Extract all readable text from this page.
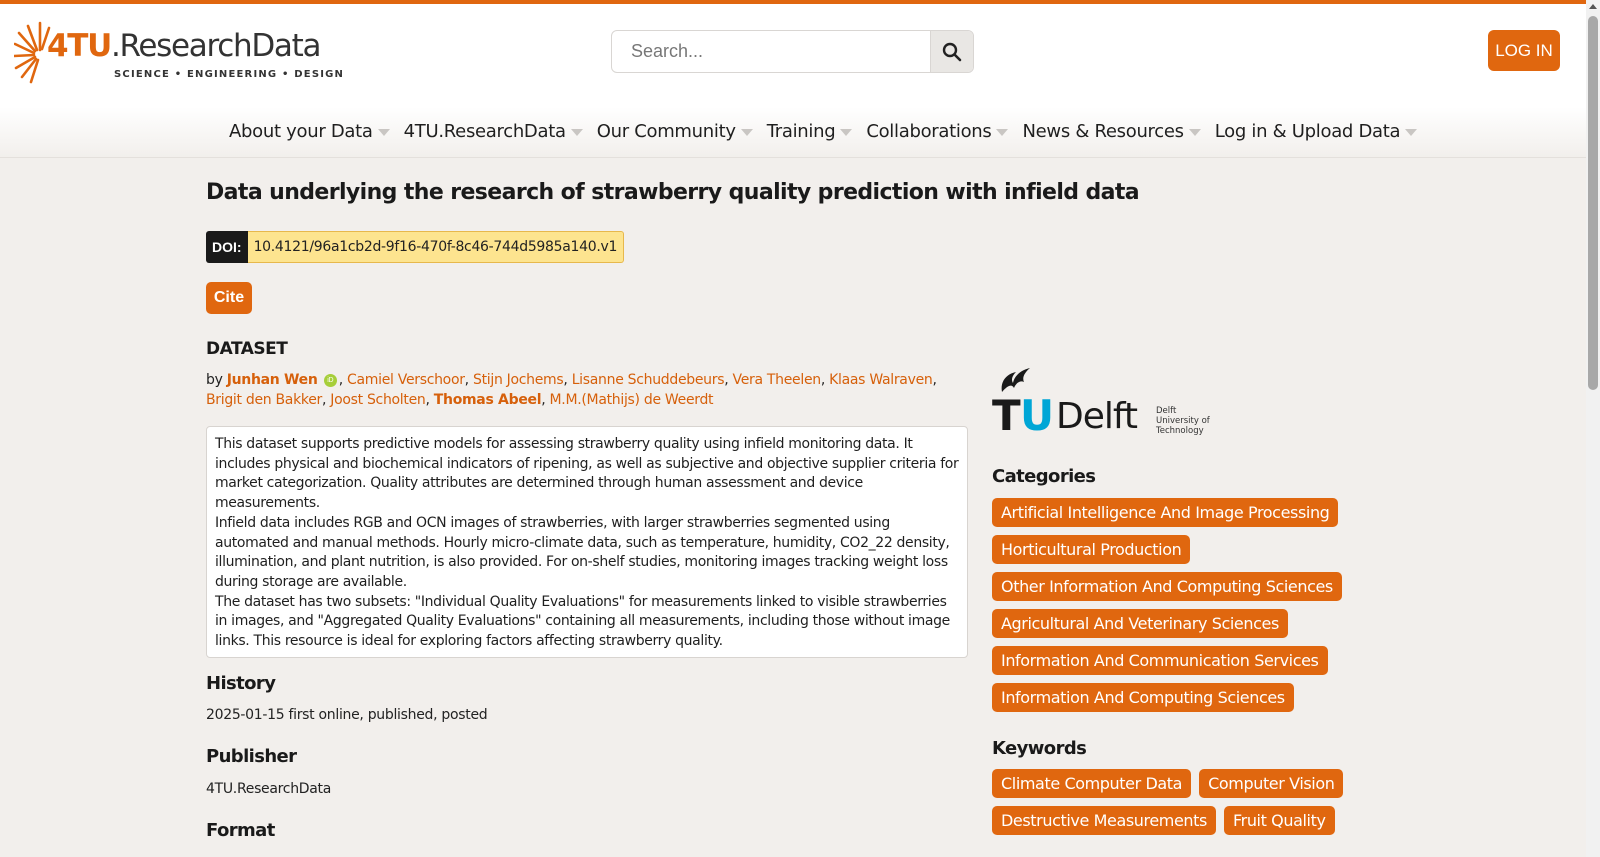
4TU.ResearchData
SCIENCE • ENGINEERING • DESIGN
Search...
LOG IN
About your Data 4TU.ResearchData Our Community Training Collaborations News & Resources Log in & Upload Data
Data underlying the research of strawberry quality prediction with infield data
DOI: 10.4121/96a1cb2d-9f16-470f-8c46-744d5985a140.v1
Cite
DATASET
by Junhan Wen iD , Camiel Verschoor, Stijn Jochems, Lisanne Schuddebeurs, Vera Theelen, Klaas Walraven, Brigit den Bakker, Joost Scholten, Thomas Abeel, M.M.(Mathijs) de Weerdt

This dataset supports predictive models for assessing strawberry quality using infield monitoring data. It includes physical and biochemical indicators of ripening, as well as subjective and objective supplier criteria for market categorization. Quality attributes are determined through human assessment and device measurements.

Infield data includes RGB and OCN images of strawberries, with larger strawberries segmented using automated and manual methods. Hourly micro-climate data, such as temperature, humidity, CO2_22 density, illumination, and plant nutrition, is also provided. For on-shelf studies, monitoring images tracking weight loss during storage are available.

The dataset has two subsets: "Individual Quality Evaluations" for measurements linked to visible strawberries in images, and "Aggregated Quality Evaluations" containing all measurements, including those without image links. This resource is ideal for exploring factors affecting strawberry quality.

History
2025-01-15 first online, published, posted
Publisher
4TU.ResearchData
Format
T U Delft Delft University of Technology
Categories
Artificial Intelligence And Image Processing
Horticultural Production
Other Information And Computing Sciences
Agricultural And Veterinary Sciences
Information And Communication Services
Information And Computing Sciences
Keywords
Climate Computer Data	Computer Vision
Destructive Measurements	Fruit Quality
